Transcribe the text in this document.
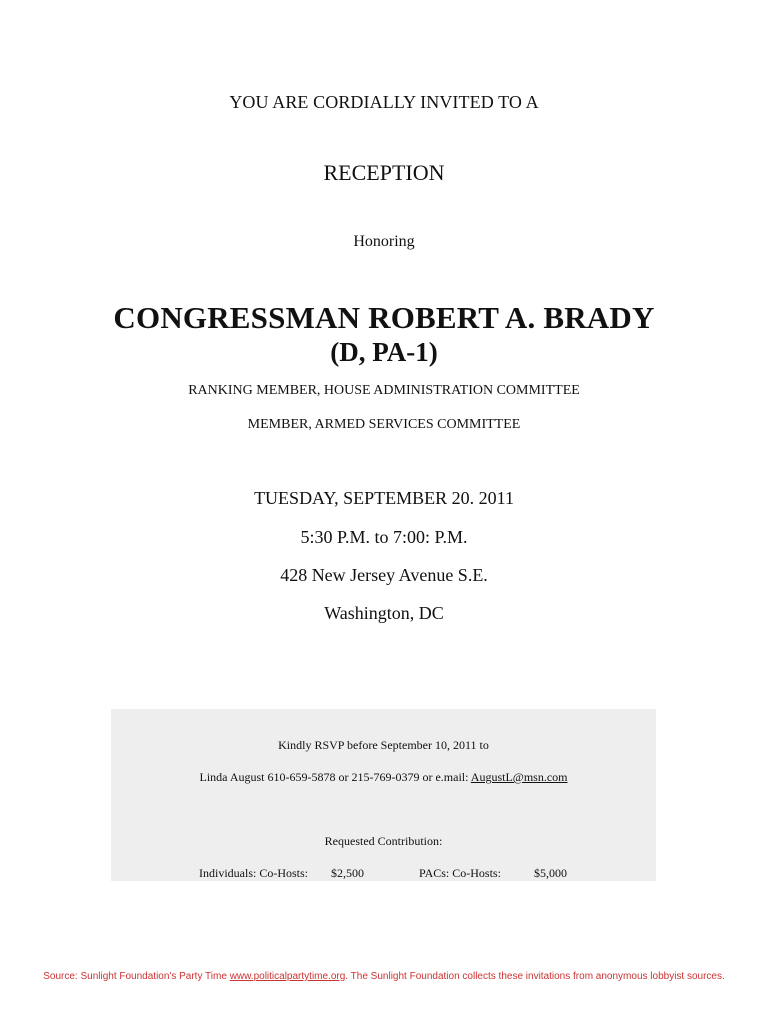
YOU ARE CORDIALLY INVITED TO A
RECEPTION
Honoring
CONGRESSMAN ROBERT A. BRADY
(D, PA-1)
RANKING MEMBER, HOUSE ADMINISTRATION COMMITTEE
MEMBER, ARMED SERVICES COMMITTEE
TUESDAY, SEPTEMBER 20. 2011
5:30 P.M. to 7:00: P.M.
428 New Jersey Avenue S.E.
Washington, DC
Kindly RSVP before September 10, 2011 to
Linda August 610-659-5878 or 215-769-0379 or e.mail: AugustL@msn.com
Requested Contribution:
Individuals: Co-Hosts: $2,500	PACs: Co-Hosts:	$5,000
Source: Sunlight Foundation's Party Time www.politicalpartytime.org. The Sunlight Foundation collects these invitations from anonymous lobbyist sources.
